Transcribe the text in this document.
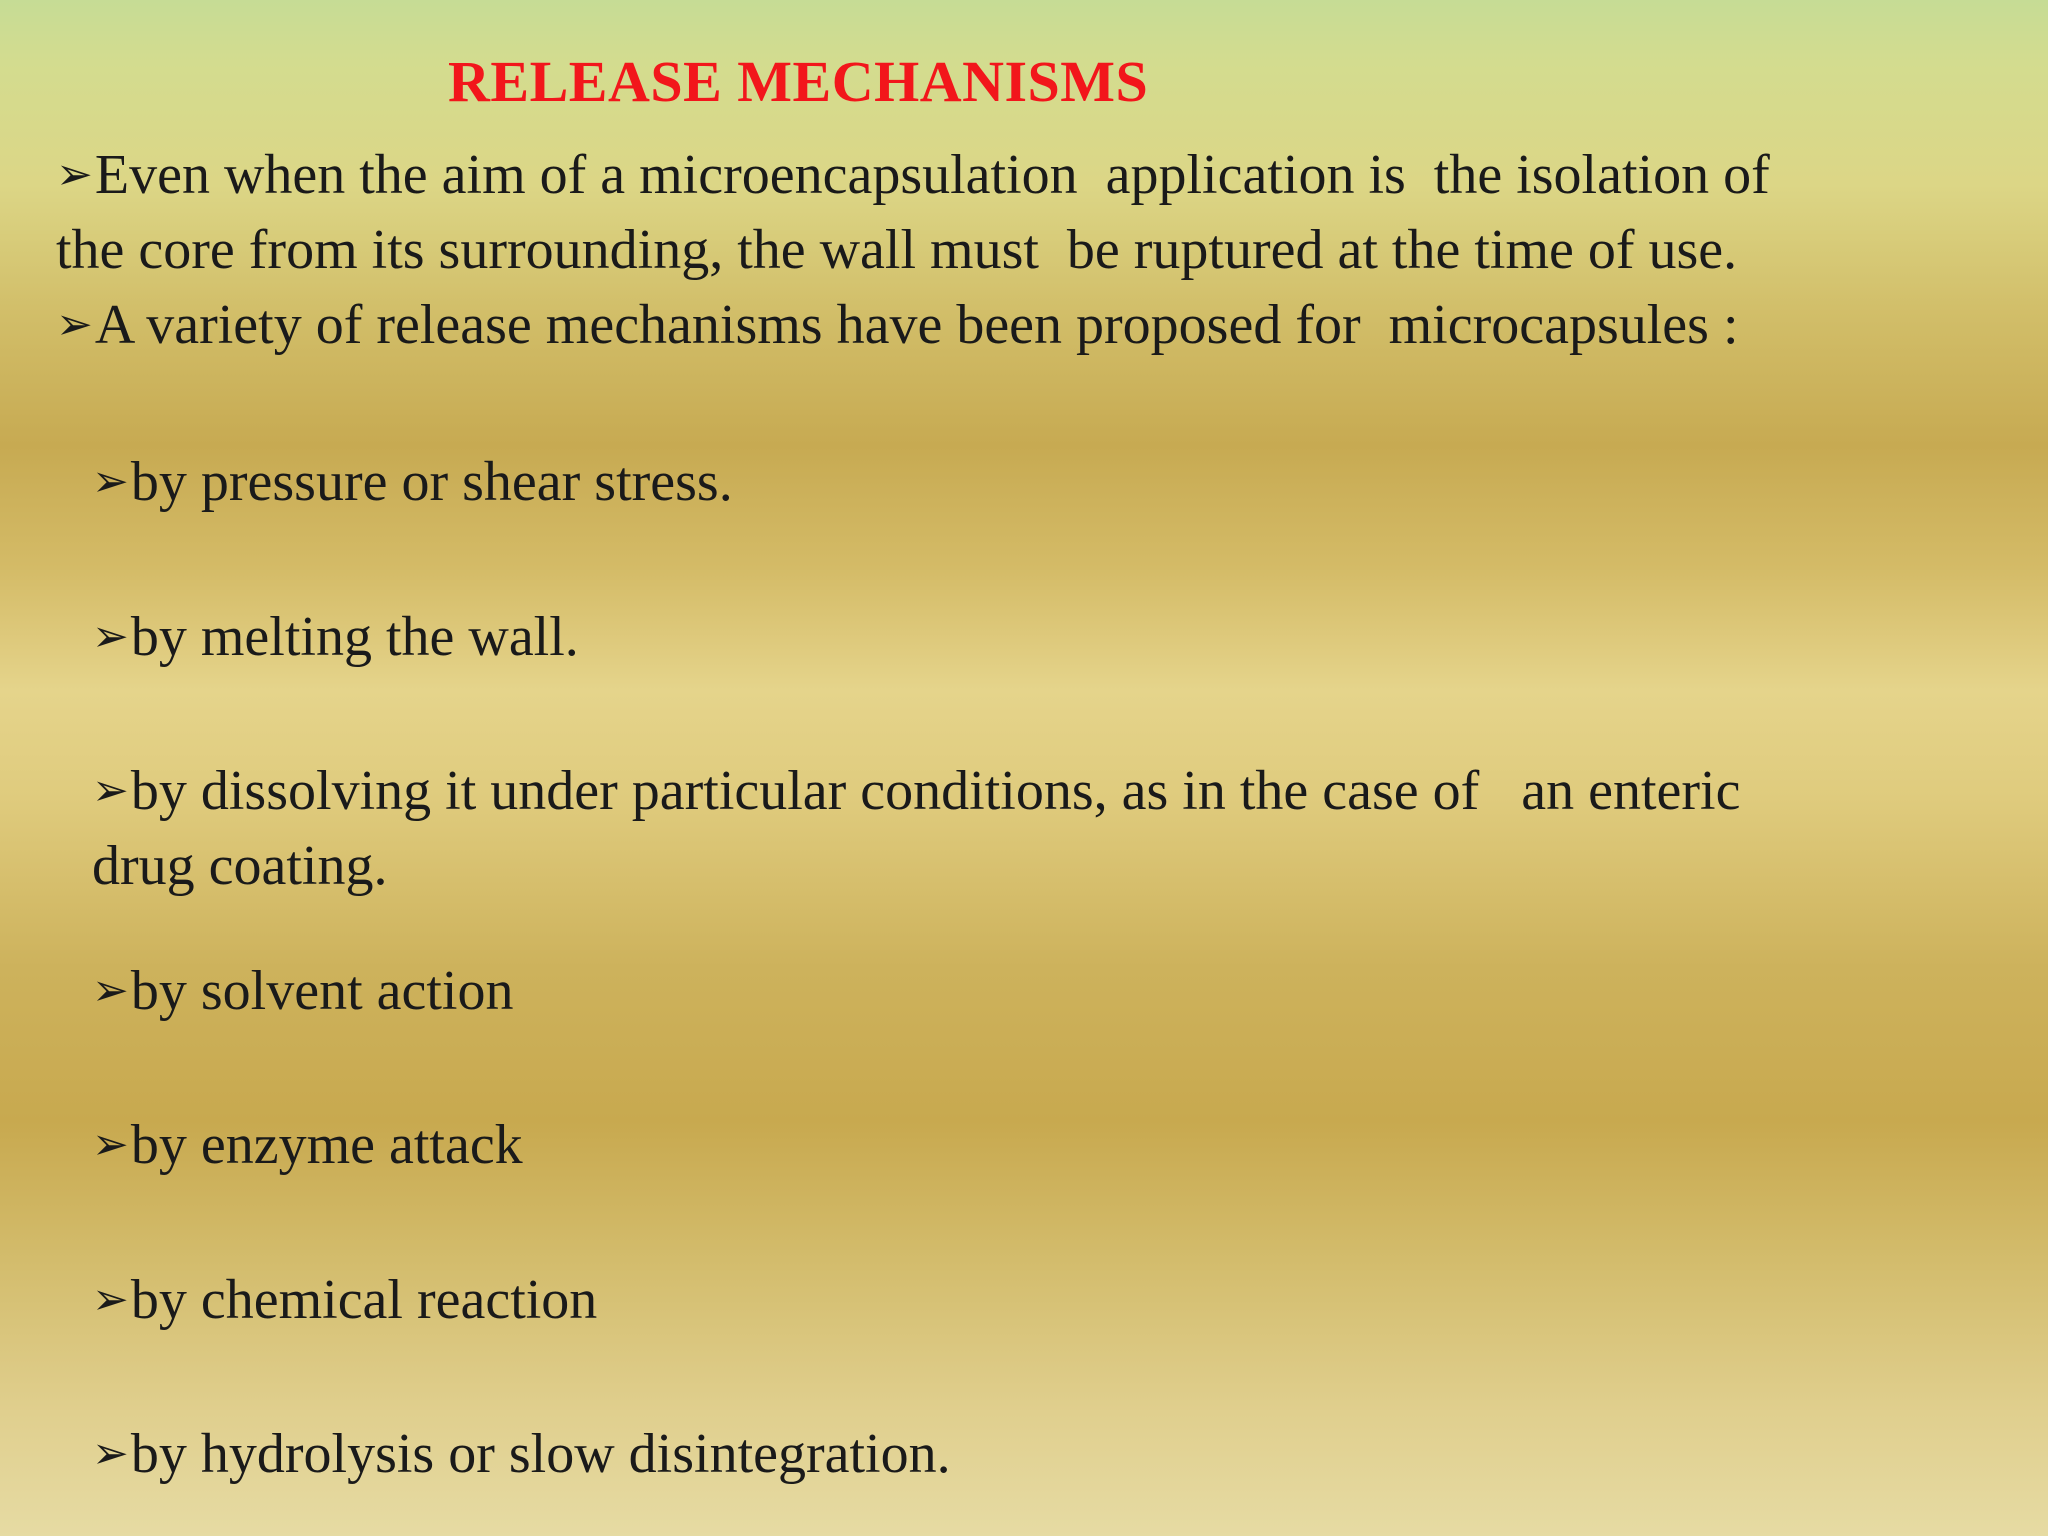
RELEASE MECHANISMS
➢Even when the aim of a microencapsulation  application is  the isolation of
the core from its surrounding, the wall must  be ruptured at the time of use.
➢A variety of release mechanisms have been proposed for  microcapsules :
➢by pressure or shear stress.
➢by melting the wall.
➢by dissolving it under particular conditions, as in the case of   an enteric
drug coating.
➢by solvent action
➢by enzyme attack
➢by chemical reaction
➢by hydrolysis or slow disintegration.
